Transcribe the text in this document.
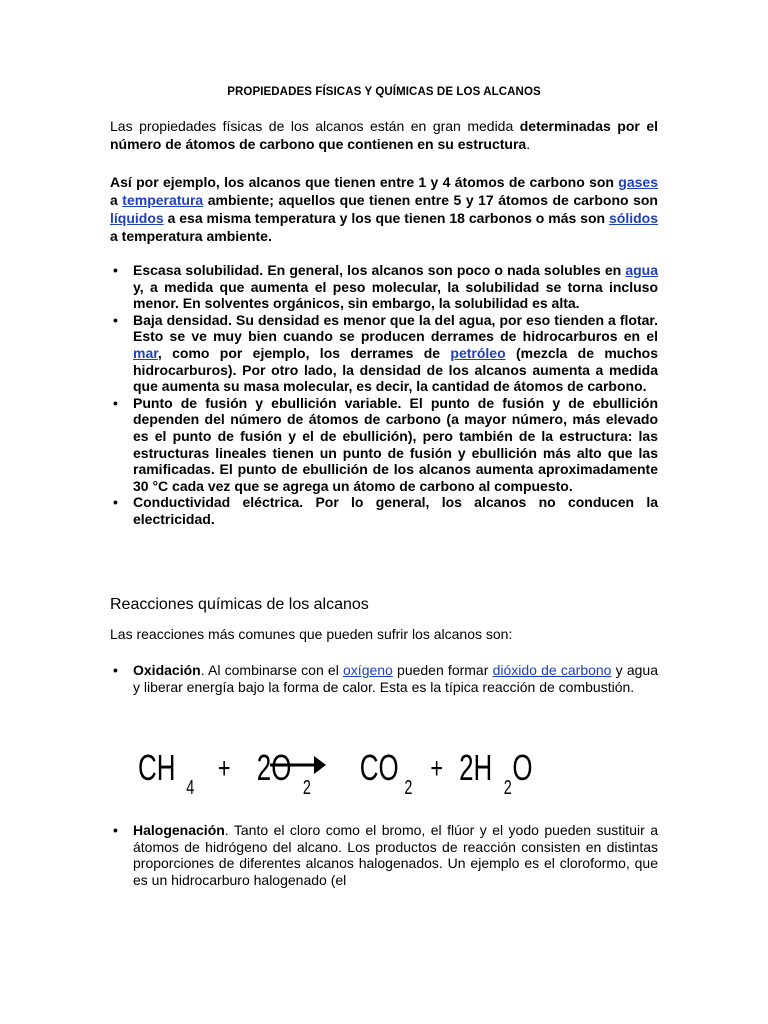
PROPIEDADES FÍSICAS Y QUÍMICAS DE LOS ALCANOS
Las propiedades físicas de los alcanos están en gran medida determinadas por el número de átomos de carbono que contienen en su estructura.
Así por ejemplo, los alcanos que tienen entre 1 y 4 átomos de carbono son gases a temperatura ambiente; aquellos que tienen entre 5 y 17 átomos de carbono son líquidos a esa misma temperatura y los que tienen 18 carbonos o más son sólidos a temperatura ambiente.
• Escasa solubilidad. En general, los alcanos son poco o nada solubles en agua y, a medida que aumenta el peso molecular, la solubilidad se torna incluso menor. En solventes orgánicos, sin embargo, la solubilidad es alta.
• Baja densidad. Su densidad es menor que la del agua, por eso tienden a flotar. Esto se ve muy bien cuando se producen derrames de hidrocarburos en el mar, como por ejemplo, los derrames de petróleo (mezcla de muchos hidrocarburos). Por otro lado, la densidad de los alcanos aumenta a medida que aumenta su masa molecular, es decir, la cantidad de átomos de carbono.
• Punto de fusión y ebullición variable. El punto de fusión y de ebullición dependen del número de átomos de carbono (a mayor número, más elevado es el punto de fusión y el de ebullición), pero también de la estructura: las estructuras lineales tienen un punto de fusión y ebullición más alto que las ramificadas. El punto de ebullición de los alcanos aumenta aproximadamente 30 °C cada vez que se agrega un átomo de carbono al compuesto.
• Conductividad eléctrica. Por lo general, los alcanos no conducen la electricidad.
Reacciones químicas de los alcanos
Las reacciones más comunes que pueden sufrir los alcanos son:
• Oxidación. Al combinarse con el oxígeno pueden formar dióxido de carbono y agua y liberar energía bajo la forma de calor. Esta es la típica reacción de combustión.
CH 4
+ 2O 2 CO 2
+ 2H 2 O
• Halogenación. Tanto el cloro como el bromo, el flúor y el yodo pueden sustituir a átomos de hidrógeno del alcano. Los productos de reacción consisten en distintas proporciones de diferentes alcanos halogenados. Un ejemplo es el cloroformo, que es un hidrocarburo halogenado (el
